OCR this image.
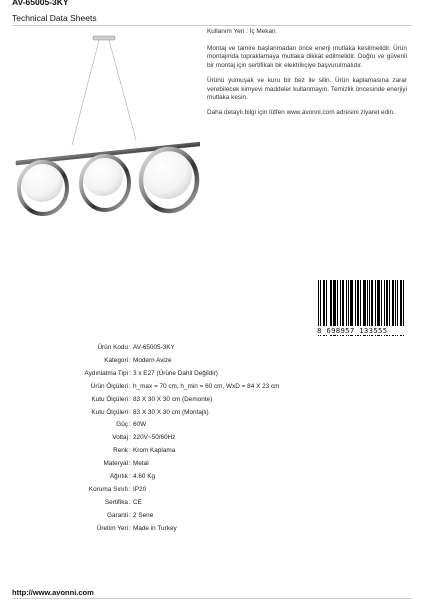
AV-65005-3KY
Technical Data Sheets

Kullanım Yeri : İç Mekan

Montaj ve tamire başlanmadan önce enerji mutlaka kesilmelidir. Ürün montajında topraklamaya mutlaka dikkat edilmelidir. Doğru ve güvenli bir montaj için sertifikalı bir elektrikçiye başvurulmalıdır.

Ürünü yumuşak ve kuru bir bez ile silin. Ürün kaplamasına zarar verebilecek kimyevi maddeler kullanmayın. Temizlik öncesinde enerjiyi mutlaka kesin.

Daha detaylı bilgi için lütfen www.avonni.com adresini ziyaret edin.

8 698957 133555
Ürün Kodu : AV-65005-3KY
Kategori : Modern Avize
Aydınlatma Tipi : 3 x E27 (Ürüne Dahil Değildir)
Ürün Ölçüleri : h_max = 70 cm, h_min = 60 cm, WxD = 84 X 23 cm
Kutu Ölçüleri : 83 X 30 X 30 cm (Demonte)
Kutu Ölçüleri : 83 X 30 X 30 cm (Montajlı)
Güç : 60W
Voltaj : 220V~50/60Hz
Renk : Krom Kaplama
Materyal : Metal
Ağırlık : 4.60 Kg
Koruma Sınıfı : IP20
Sertifika : CE
Garanti : 2 Sene
Üretim Yeri : Made in Turkey
http://www.avonni.com
